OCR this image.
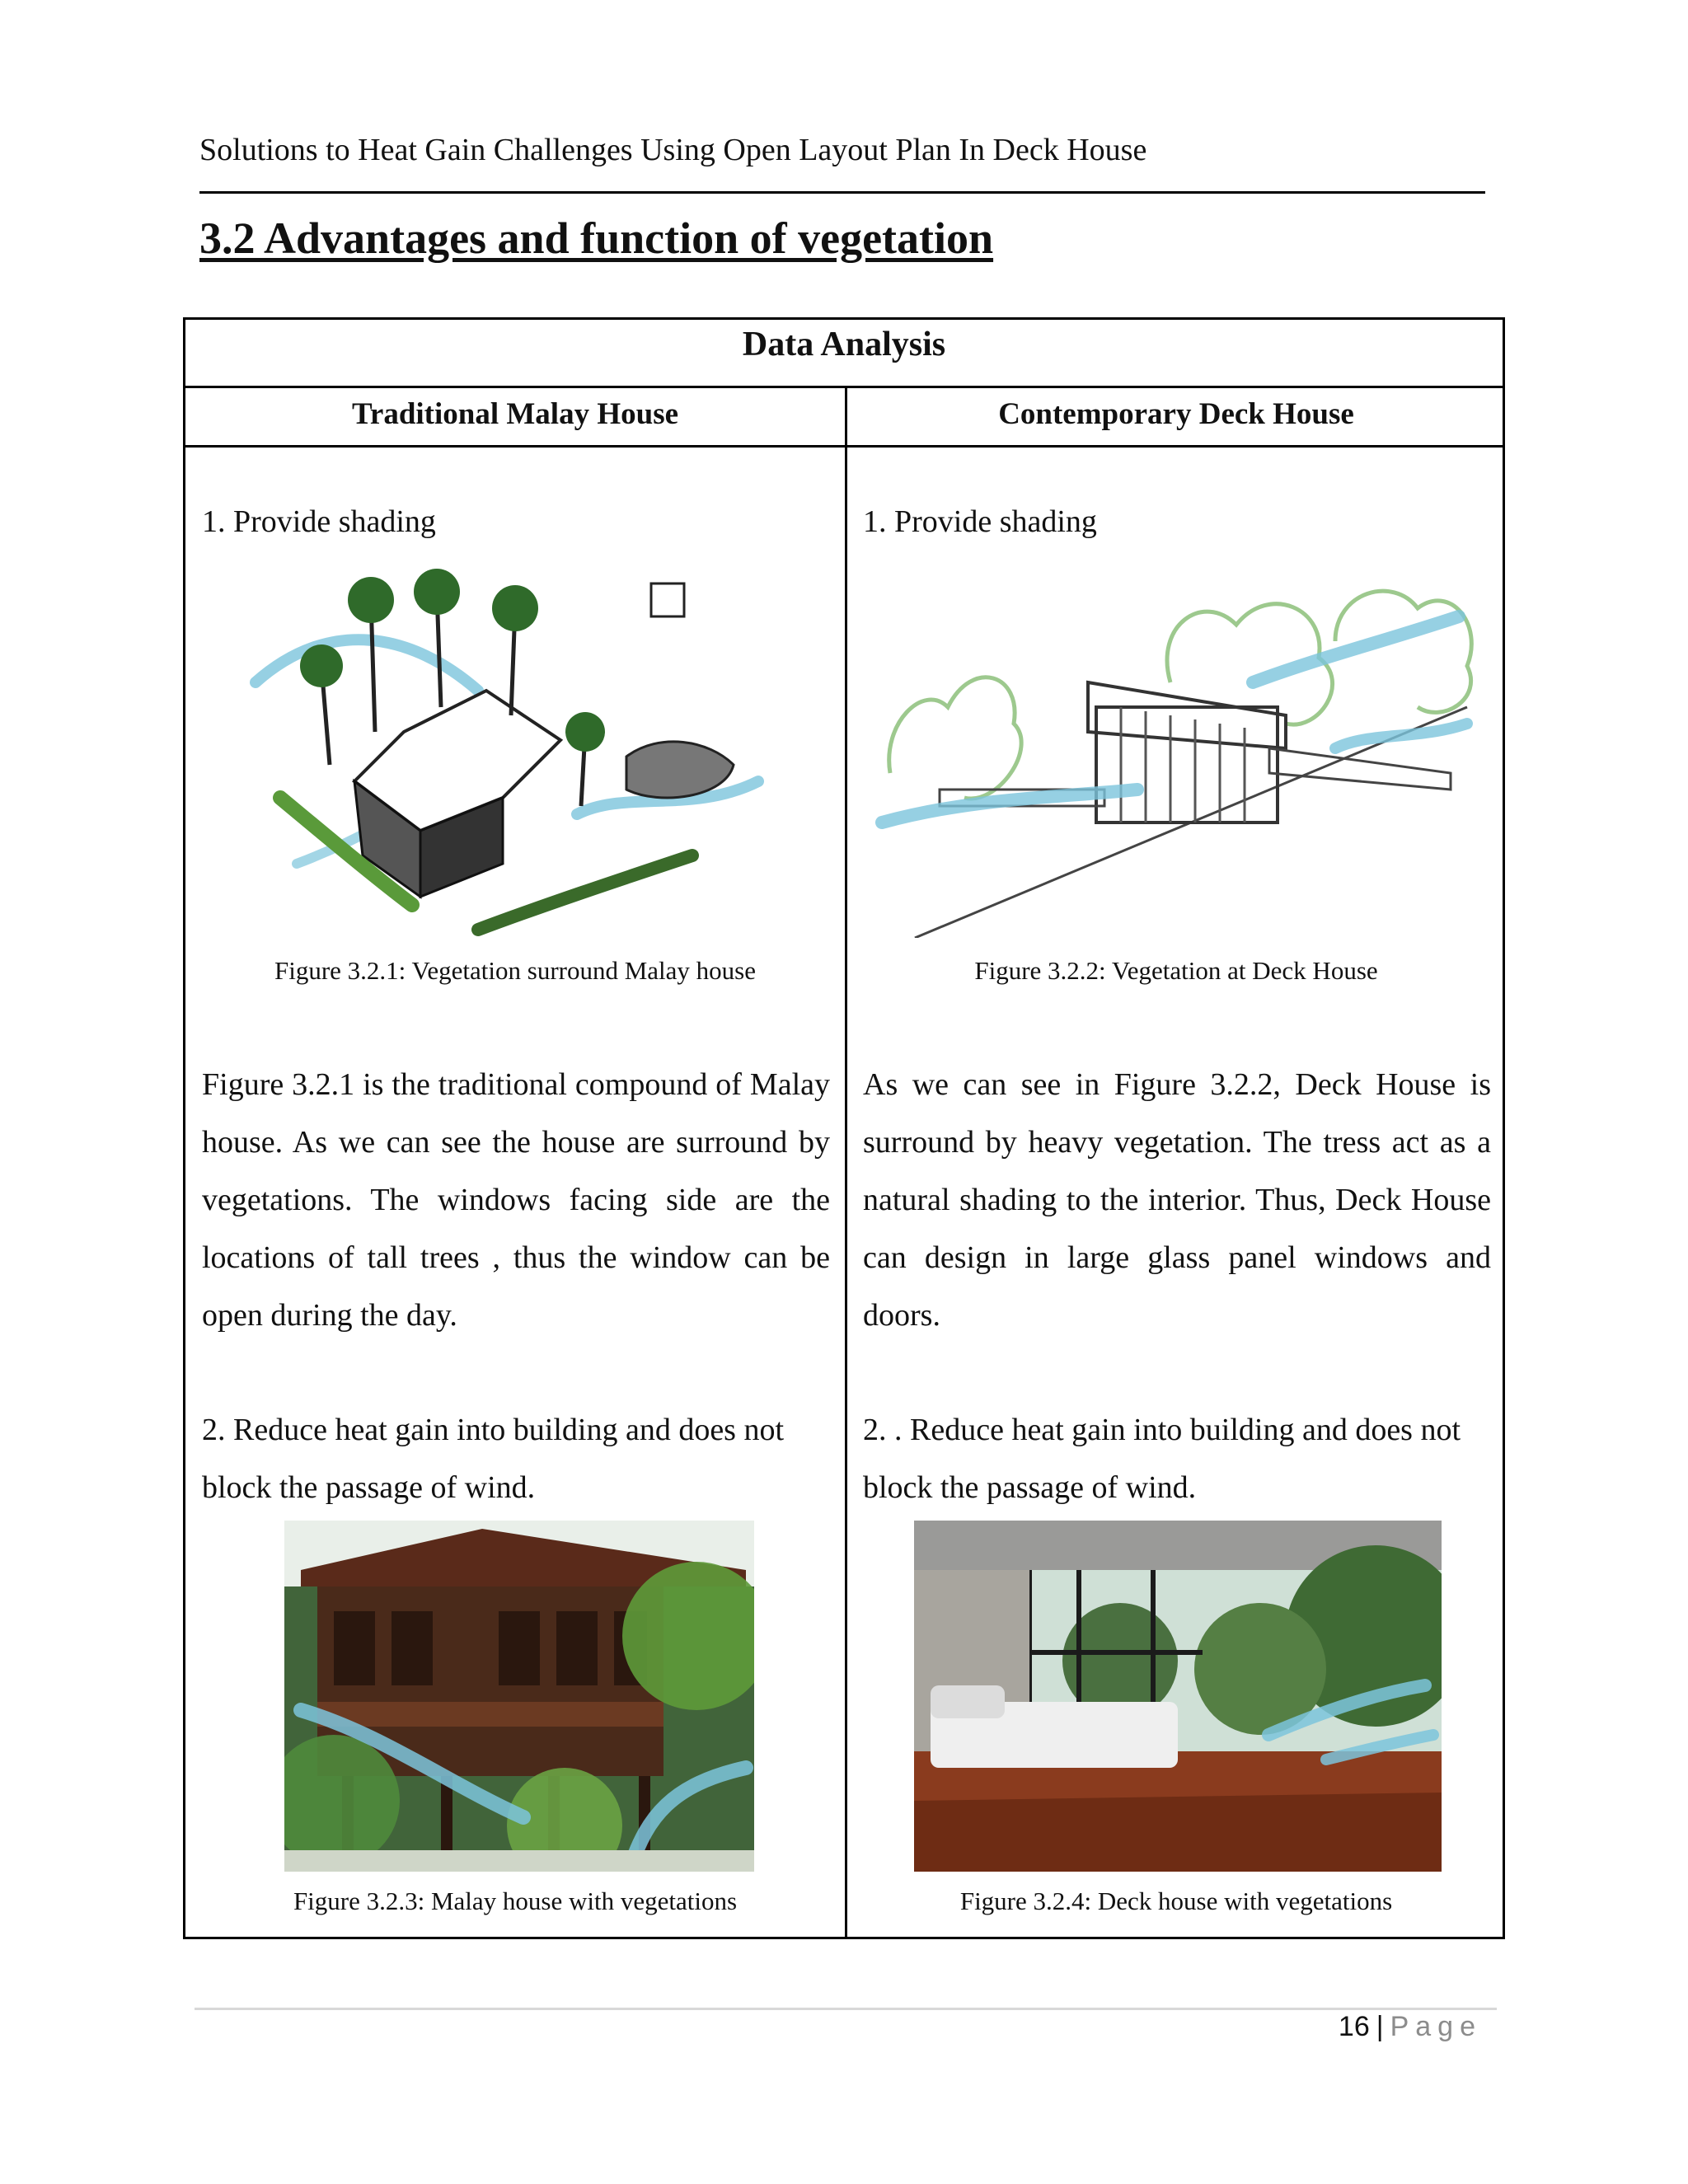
Solutions to Heat Gain Challenges Using Open Layout Plan In Deck House
3.2 Advantages and function of vegetation
Data Analysis
Traditional Malay House	Contemporary Deck House
1. Provide shading
Figure 3.2.1: Vegetation surround Malay house
Figure 3.2.1 is the traditional compound of Malay house. As we can see the house are surround by vegetations. The windows facing side are the locations of tall trees , thus the window can be open during the day.
2. Reduce heat gain into building and does not block the passage of wind.
Figure 3.2.3: Malay house with vegetations
1. Provide shading
Figure 3.2.2: Vegetation at Deck House
As we can see in Figure 3.2.2, Deck House is surround by heavy vegetation. The tress act as a natural shading to the interior. Thus, Deck House can design in large glass panel windows and doors.
2. . Reduce heat gain into building and does not block the passage of wind.
Figure 3.2.4: Deck house with vegetations
16 | Page
